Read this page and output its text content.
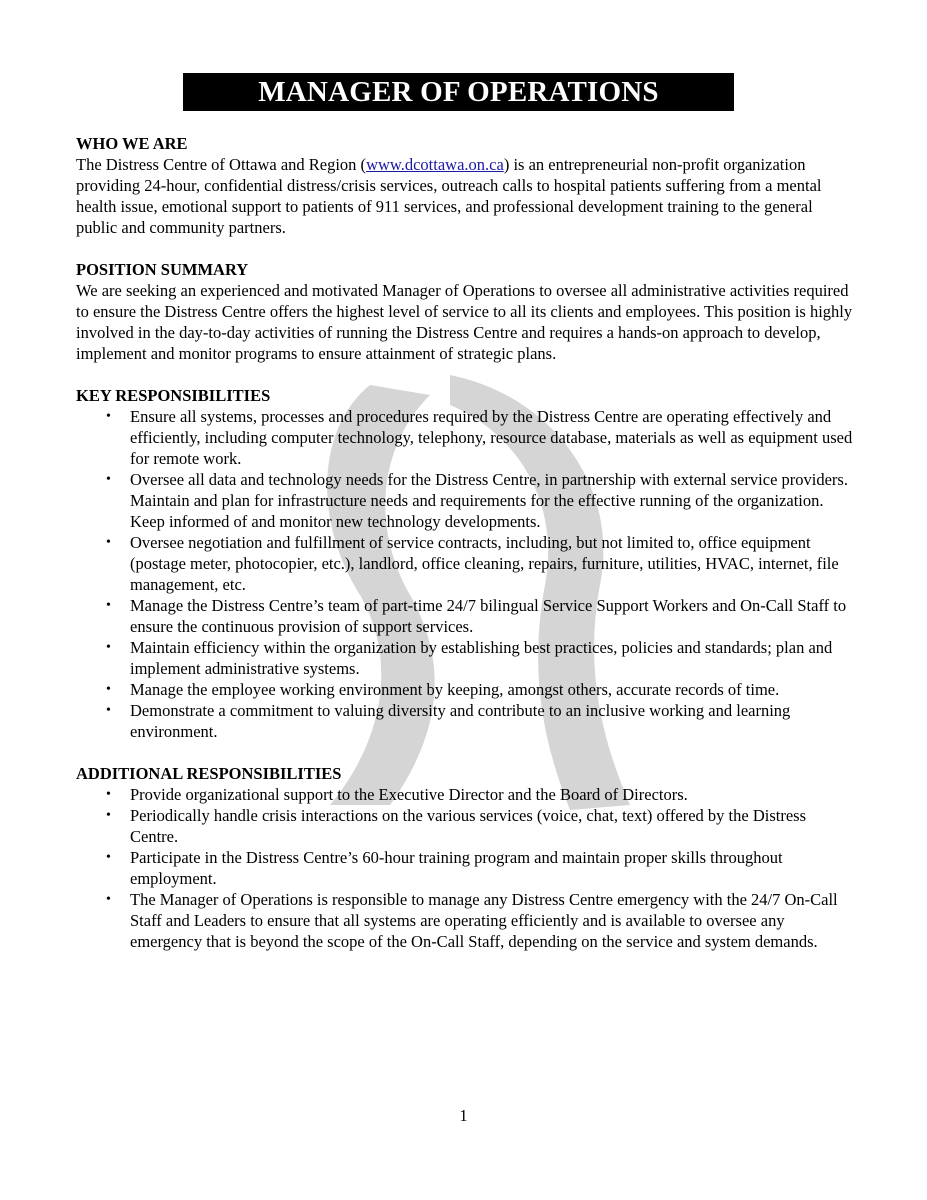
MANAGER OF OPERATIONS

WHO WE ARE

The Distress Centre of Ottawa and Region (www.dcottawa.on.ca) is an entrepreneurial non-profit organization providing 24-hour, confidential distress/crisis services, outreach calls to hospital patients suffering from a mental health issue, emotional support to patients of 911 services, and professional development training to the general public and community partners.

POSITION SUMMARY

We are seeking an experienced and motivated Manager of Operations to oversee all administrative activities required to ensure the Distress Centre offers the highest level of service to all its clients and employees. This position is highly involved in the day-to-day activities of running the Distress Centre and requires a hands-on approach to develop, implement and monitor programs to ensure attainment of strategic plans.

KEY RESPONSIBILITIES

• Ensure all systems, processes and procedures required by the Distress Centre are operating effectively and efficiently, including computer technology, telephony, resource database, materials as well as equipment used for remote work.
• Oversee all data and technology needs for the Distress Centre, in partnership with external service providers. Maintain and plan for infrastructure needs and requirements for the effective running of the organization. Keep informed of and monitor new technology developments.
• Oversee negotiation and fulfillment of service contracts, including, but not limited to, office equipment (postage meter, photocopier, etc.), landlord, office cleaning, repairs, furniture, utilities, HVAC, internet, file management, etc.
• Manage the Distress Centre’s team of part-time 24/7 bilingual Service Support Workers and On-Call Staff to ensure the continuous provision of support services.
• Maintain efficiency within the organization by establishing best practices, policies and standards; plan and implement administrative systems.
• Manage the employee working environment by keeping, amongst others, accurate records of time.
• Demonstrate a commitment to valuing diversity and contribute to an inclusive working and learning environment.

ADDITIONAL RESPONSIBILITIES

• Provide organizational support to the Executive Director and the Board of Directors.
• Periodically handle crisis interactions on the various services (voice, chat, text) offered by the Distress Centre.
• Participate in the Distress Centre’s 60-hour training program and maintain proper skills throughout employment.
• The Manager of Operations is responsible to manage any Distress Centre emergency with the 24/7 On-Call Staff and Leaders to ensure that all systems are operating efficiently and is available to oversee any emergency that is beyond the scope of the On-Call Staff, depending on the service and system demands.
1
